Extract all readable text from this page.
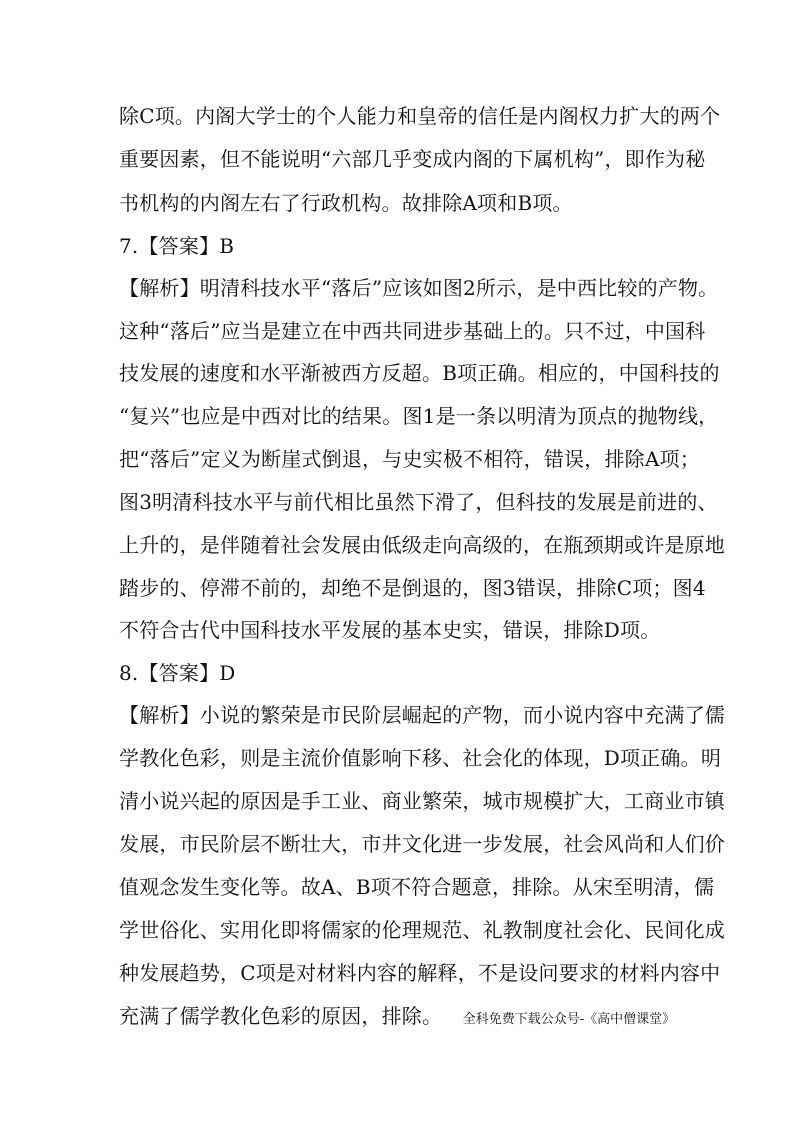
除C项。内阁大学士的个人能力和皇帝的信任是内阁权力扩大的两个
重要因素，但不能说明“六部几乎变成内阁的下属机构”，即作为秘
书机构的内阁左右了行政机构。故排除A项和B项。
7.【答案】B
【解析】明清科技水平“落后”应该如图2所示，是中西比较的产物。
这种“落后”应当是建立在中西共同进步基础上的。只不过，中国科
技发展的速度和水平渐被西方反超。B项正确。相应的，中国科技的
“复兴”也应是中西对比的结果。图1是一条以明清为顶点的抛物线，
把“落后”定义为断崖式倒退，与史实极不相符，错误，排除A项；
图3明清科技水平与前代相比虽然下滑了，但科技的发展是前进的、
上升的，是伴随着社会发展由低级走向高级的，在瓶颈期或许是原地
踏步的、停滞不前的，却绝不是倒退的，图3错误，排除C项；图4
不符合古代中国科技水平发展的基本史实，错误，排除D项。
8.【答案】D
【解析】小说的繁荣是市民阶层崛起的产物，而小说内容中充满了儒
学教化色彩，则是主流价值影响下移、社会化的体现，D项正确。明
清小说兴起的原因是手工业、商业繁荣，城市规模扩大，工商业市镇
发展，市民阶层不断壮大，市井文化进一步发展，社会风尚和人们价
值观念发生变化等。故A、B项不符合题意，排除。从宋至明清，儒
学世俗化、实用化即将儒家的伦理规范、礼教制度社会化、民间化成
种发展趋势，C项是对材料内容的解释，不是设问要求的材料内容中
充满了儒学教化色彩的原因，排除。 全科免费下载公众号-《高中僧课堂》
